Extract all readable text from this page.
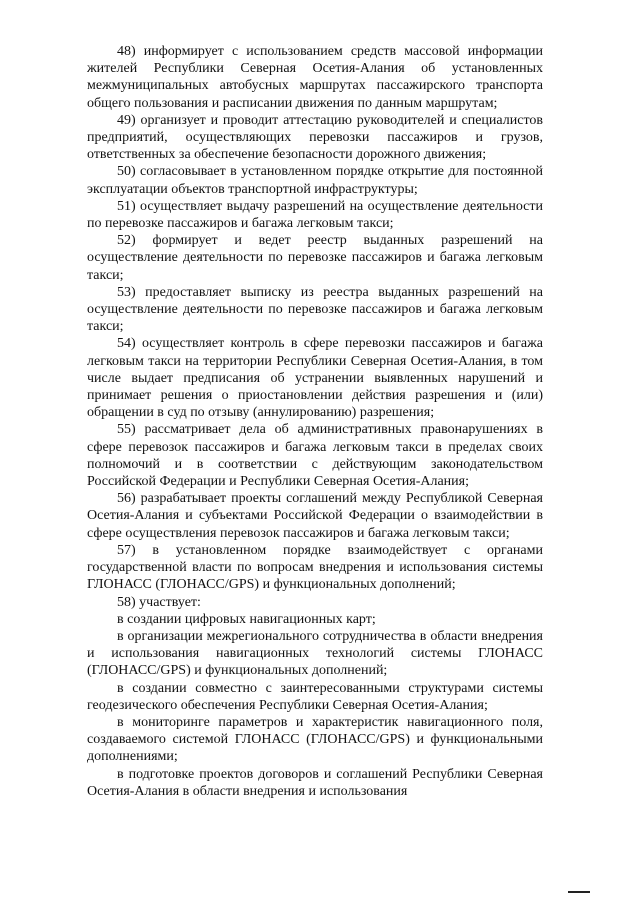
48) информирует с использованием средств массовой информации жителей Республики Северная Осетия-Алания об установленных межмуниципальных автобусных маршрутах пассажирского транспорта общего пользования и расписании движения по данным маршрутам;

49) организует и проводит аттестацию руководителей и специалистов предприятий, осуществляющих перевозки пассажиров и грузов, ответственных за обеспечение безопасности дорожного движения;

50) согласовывает в установленном порядке открытие для постоянной эксплуатации объектов транспортной инфраструктуры;

51) осуществляет выдачу разрешений на осуществление деятельности по перевозке пассажиров и багажа легковым такси;

52) формирует и ведет реестр выданных разрешений на осуществление деятельности по перевозке пассажиров и багажа легковым такси;

53) предоставляет выписку из реестра выданных разрешений на осуществление деятельности по перевозке пассажиров и багажа легковым такси;

54) осуществляет контроль в сфере перевозки пассажиров и багажа легковым такси на территории Республики Северная Осетия-Алания, в том числе выдает предписания об устранении выявленных нарушений и принимает решения о приостановлении действия разрешения и (или) обращении в суд по отзыву (аннулированию) разрешения;

55) рассматривает дела об административных правонарушениях в сфере перевозок пассажиров и багажа легковым такси в пределах своих полномочий и в соответствии с действующим законодательством Российской Федерации и Республики Северная Осетия-Алания;

56) разрабатывает проекты соглашений между Республикой Северная Осетия-Алания и субъектами Российской Федерации о взаимодействии в сфере осуществления перевозок пассажиров и багажа легковым такси;

57) в установленном порядке взаимодействует с органами государственной власти по вопросам внедрения и использования системы ГЛОНАСС (ГЛОНАСС/GPS) и функциональных дополнений;

58) участвует:

в создании цифровых навигационных карт;

в организации межрегионального сотрудничества в области внедрения и использования навигационных технологий системы ГЛОНАСС (ГЛОНАСС/GPS) и функциональных дополнений;

в создании совместно с заинтересованными структурами системы геодезического обеспечения Республики Северная Осетия-Алания;

в мониторинге параметров и характеристик навигационного поля, создаваемого системой ГЛОНАСС (ГЛОНАСС/GPS) и функциональными дополнениями;

в подготовке проектов договоров и соглашений Республики Северная Осетия-Алания в области внедрения и использования
